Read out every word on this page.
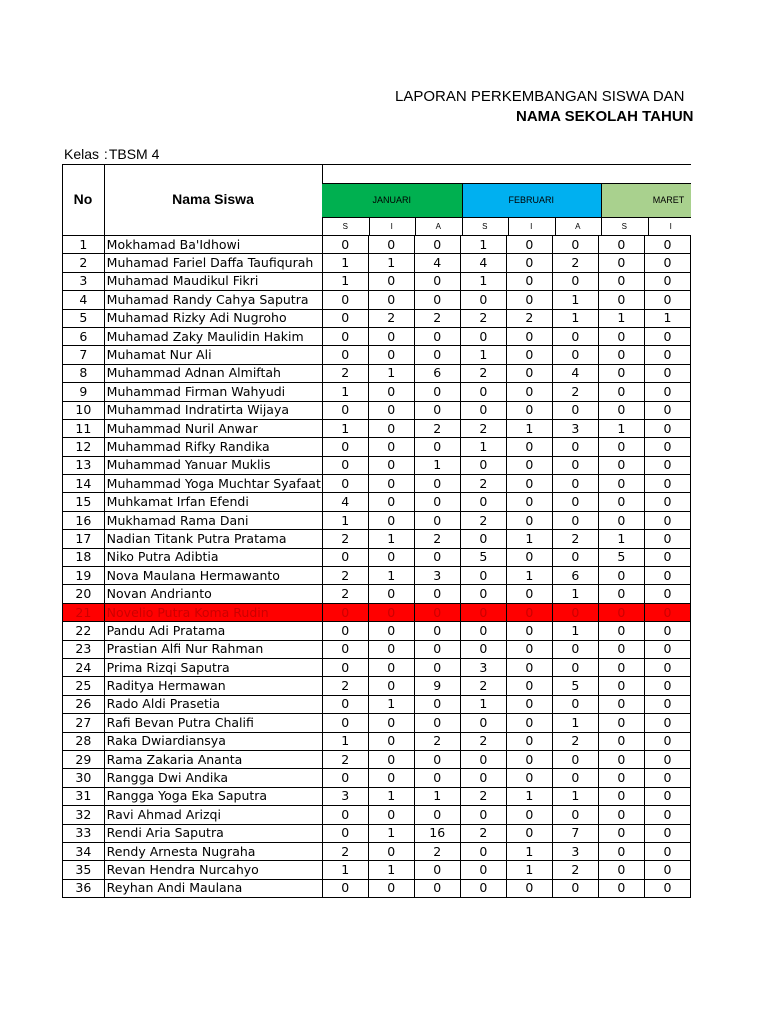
LAPORAN PERKEMBANGAN SISWA DAN
NAMA SEKOLAH TAHUN
Kelas :TBSM 4
JANUARI	FEBRUARI	MARET
S	I	A	S	I	A	S	I
No	Nama Siswa
1	Mokhamad Ba'Idhowi	0	0	0	1	0	0	0	0
2	Muhamad Fariel Daffa Taufiqurah	1	1	4	4	0	2	0	0
3	Muhamad Maudikul Fikri	1	0	0	1	0	0	0	0
4	Muhamad Randy Cahya Saputra	0	0	0	0	0	1	0	0
5	Muhamad Rizky Adi Nugroho	0	2	2	2	2	1	1	1
6	Muhamad Zaky Maulidin Hakim	0	0	0	0	0	0	0	0
7	Muhamat Nur Ali	0	0	0	1	0	0	0	0
8	Muhammad Adnan Almiftah	2	1	6	2	0	4	0	0
9	Muhammad Firman Wahyudi	1	0	0	0	0	2	0	0
10	Muhammad Indratirta Wijaya	0	0	0	0	0	0	0	0
11	Muhammad Nuril Anwar	1	0	2	2	1	3	1	0
12	Muhammad Rifky Randika	0	0	0	1	0	0	0	0
13	Muhammad Yanuar Muklis	0	0	1	0	0	0	0	0
14	Muhammad Yoga Muchtar Syafaat	0	0	0	2	0	0	0	0
15	Muhkamat Irfan Efendi	4	0	0	0	0	0	0	0
16	Mukhamad Rama Dani	1	0	0	2	0	0	0	0
17	Nadian Titank Putra Pratama	2	1	2	0	1	2	1	0
18	Niko Putra Adibtia	0	0	0	5	0	0	5	0
19	Nova Maulana Hermawanto	2	1	3	0	1	6	0	0
20	Novan Andrianto	2	0	0	0	0	1	0	0
21	Novelio Putra Koma Rudin	0	0	0	0	0	0	0	0
22	Pandu Adi Pratama	0	0	0	0	0	1	0	0
23	Prastian Alfi Nur Rahman	0	0	0	0	0	0	0	0
24	Prima Rizqi Saputra	0	0	0	3	0	0	0	0
25	Raditya Hermawan	2	0	9	2	0	5	0	0
26	Rado Aldi Prasetia	0	1	0	1	0	0	0	0
27	Rafi Bevan Putra Chalifi	0	0	0	0	0	1	0	0
28	Raka Dwiardiansya	1	0	2	2	0	2	0	0
29	Rama Zakaria Ananta	2	0	0	0	0	0	0	0
30	Rangga Dwi Andika	0	0	0	0	0	0	0	0
31	Rangga Yoga Eka Saputra	3	1	1	2	1	1	0	0
32	Ravi Ahmad Arizqi	0	0	0	0	0	0	0	0
33	Rendi Aria Saputra	0	1	16	2	0	7	0	0
34	Rendy Arnesta Nugraha	2	0	2	0	1	3	0	0
35	Revan Hendra Nurcahyo	1	1	0	0	1	2	0	0
36	Reyhan Andi Maulana	0	0	0	0	0	0	0	0
